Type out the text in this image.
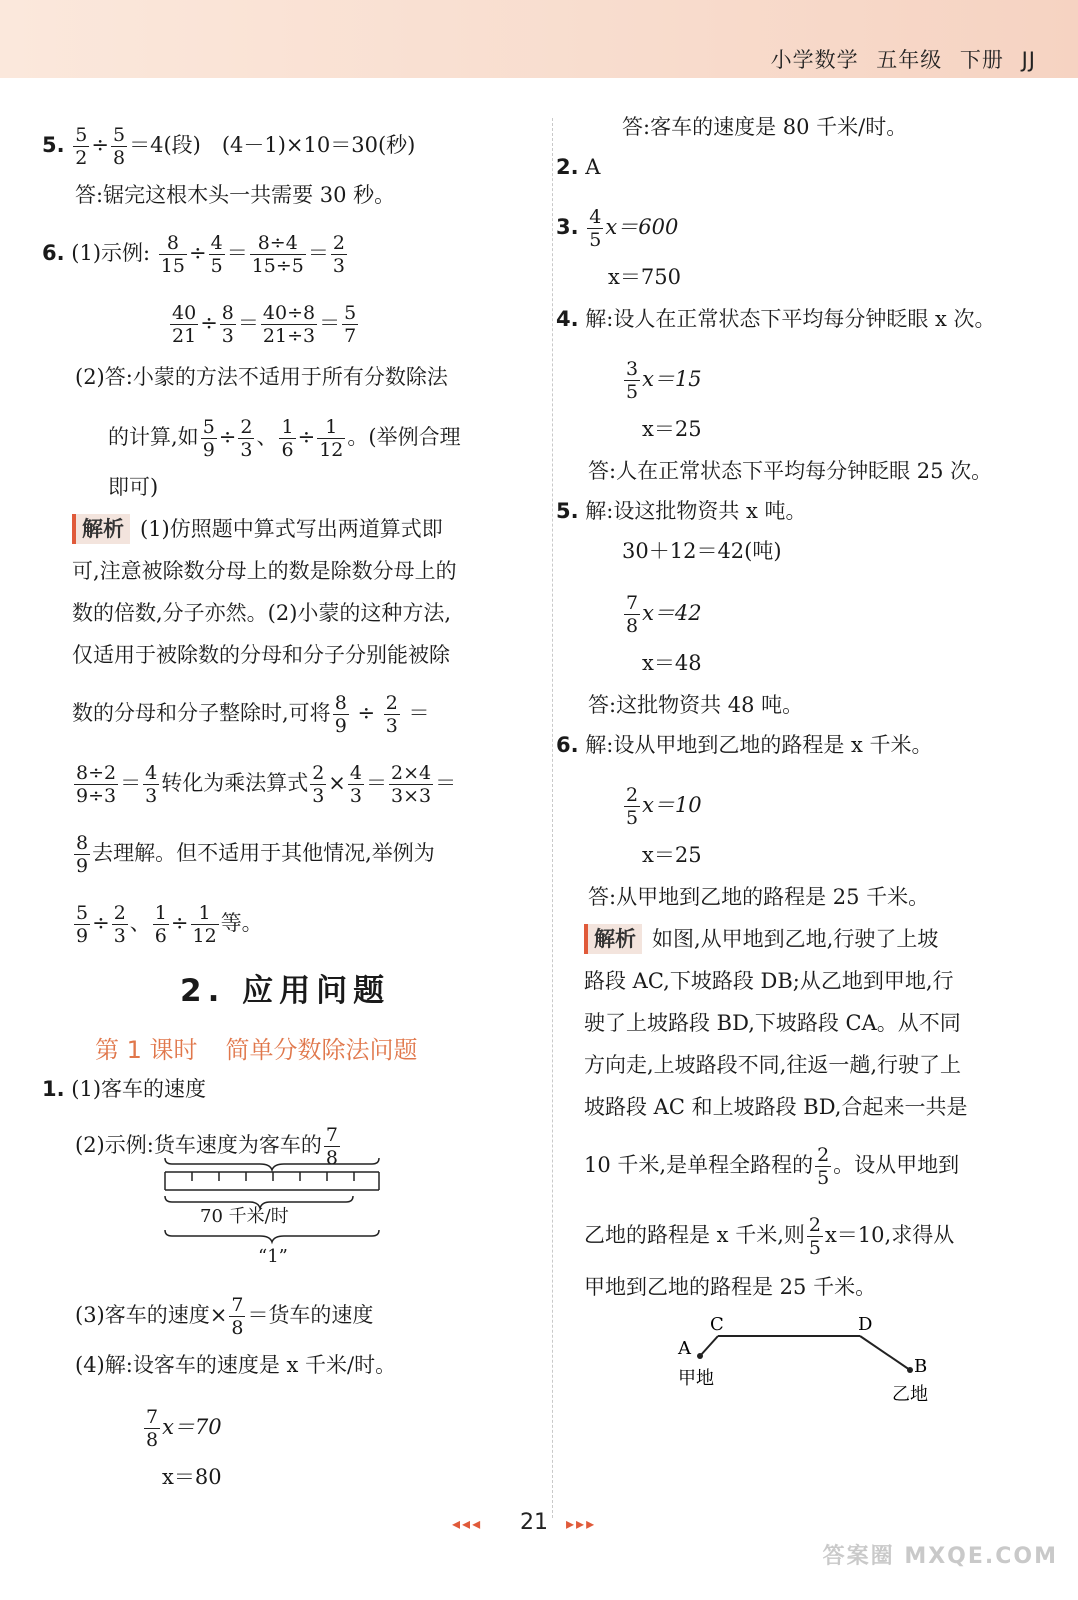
小学数学 五年级 下册 JJ
5. $\frac{5}{2} \div \frac{5}{8} =4$(段)　(4－1)×10＝30(秒)
答:锯完这根木头一共需要 30 秒。
6. (1)示例: $\frac{8}{15} \div \frac{4}{5} = \frac{8\div 4}{15\div 5} = \frac{2}{3}$
$\frac{40}{21} \div \frac{8}{3} = \frac{40\div 8}{21\div 3} = \frac{5}{7}$
(2)答:小蒙的方法不适用于所有分数除法
的计算,如 $\frac{5}{9} \div \frac{2}{3}$ 、 $\frac{1}{6} \div \frac{1}{12}$ 。(举例合理
即可)
解析 (1)仿照题中算式写出两道算式即
可,注意被除数分母上的数是除数分母上的
数的倍数,分子亦然。(2)小蒙的这种方法,
仅适用于被除数的分母和分子分别能被除
数的分母和分子整除时,可将 $\frac{8}{9} \div \frac{2}{3}$ ＝
$\frac{8\div 2}{9\div 3} = \frac{4}{3}$ 转化为乘法算式 $\frac{2}{3} \times \frac{4}{3} = \frac{2\times 4}{3\times 3}$ ＝
$\frac{8}{9}$ 去理解。但不适用于其他情况,举例为
$\frac{5}{9} \div \frac{2}{3}$ 、 $\frac{1}{6} \div \frac{1}{12}$ 等。
2. 应用问题
第 1 课时 简单分数除法问题
1. (1)客车的速度
(2)示例:货车速度为客车的 $\frac{7}{8}$
70 千米/时
“1”
(3)客车的速度× $\frac{7}{8}$ ＝货车的速度
(4)解:设客车的速度是 x 千米/时。
$\frac{7}{8} x=70$
x＝80
答:客车的速度是 80 千米/时。
2. A
3. $\frac{4}{5} x=600$
x＝750
4. 解:设人在正常状态下平均每分钟眨眼 x 次。
$\frac{3}{5} x=15$
x＝25
答:人在正常状态下平均每分钟眨眼 25 次。
5. 解:设这批物资共 x 吨。
30＋12＝42(吨)
$\frac{7}{8} x=42$
x＝48
答:这批物资共 48 吨。
6. 解:设从甲地到乙地的路程是 x 千米。
$\frac{2}{5} x=10$
x＝25
答:从甲地到乙地的路程是 25 千米。
解析 如图,从甲地到乙地,行驶了上坡
路段 AC,下坡路段 DB;从乙地到甲地,行
驶了上坡路段 BD,下坡路段 CA。从不同
方向走,上坡路段不同,往返一趟,行驶了上
坡路段 AC 和上坡路段 BD,合起来一共是
10 千米,是单程全路程的 $\frac{2}{5}$ 。设从甲地到
乙地的路程是 x 千米,则 $\frac{2}{5} x=10$,求得从
甲地到乙地的路程是 25 千米。
A
C	D
B
甲地
乙地
◂◂◂ 21 ▸▸▸
答案圈 MXQE.COM
